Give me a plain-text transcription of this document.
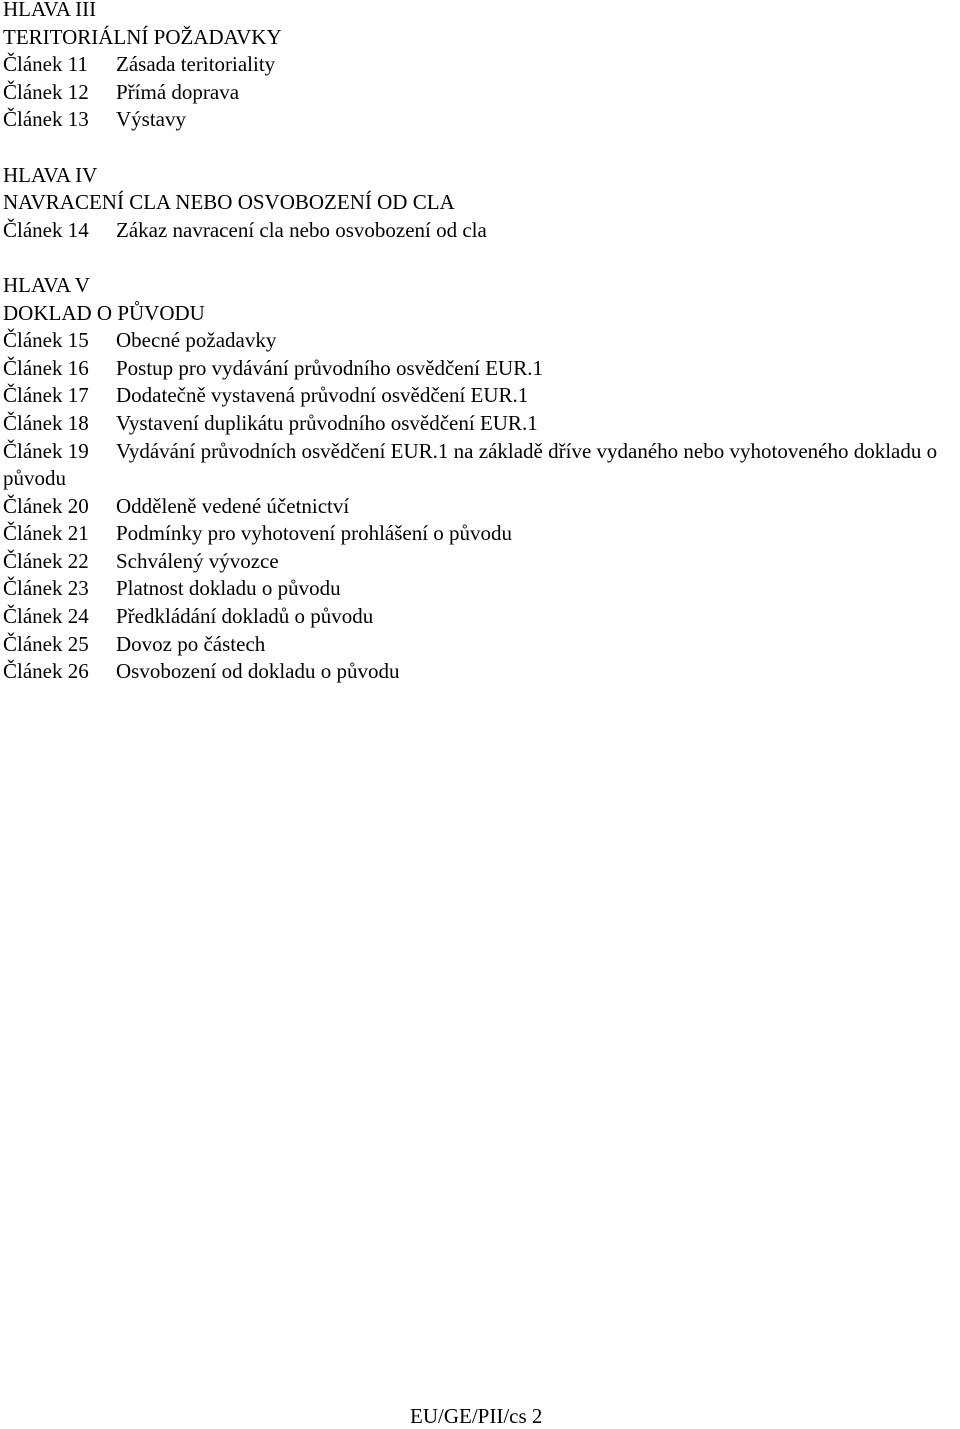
HLAVA III
TERITORIÁLNÍ POŽADAVKY
Článek 11 Zásada teritoriality
Článek 12 Přímá doprava
Článek 13 Výstavy
HLAVA IV
NAVRACENÍ CLA NEBO OSVOBOZENÍ OD CLA
Článek 14 Zákaz navracení cla nebo osvobození od cla
HLAVA V
DOKLAD O PŮVODU
Článek 15 Obecné požadavky
Článek 16 Postup pro vydávání průvodního osvědčení EUR.1
Článek 17 Dodatečně vystavená průvodní osvědčení EUR.1
Článek 18 Vystavení duplikátu průvodního osvědčení EUR.1
Článek 19 Vydávání průvodních osvědčení EUR.1 na základě dříve vydaného nebo vyhotoveného dokladu o původu
Článek 20 Odděleně vedené účetnictví
Článek 21 Podmínky pro vyhotovení prohlášení o původu
Článek 22 Schválený vývozce
Článek 23 Platnost dokladu o původu
Článek 24 Předkládání dokladů o původu
Článek 25 Dovoz po částech
Článek 26 Osvobození od dokladu o původu
EU/GE/PII/cs 2
